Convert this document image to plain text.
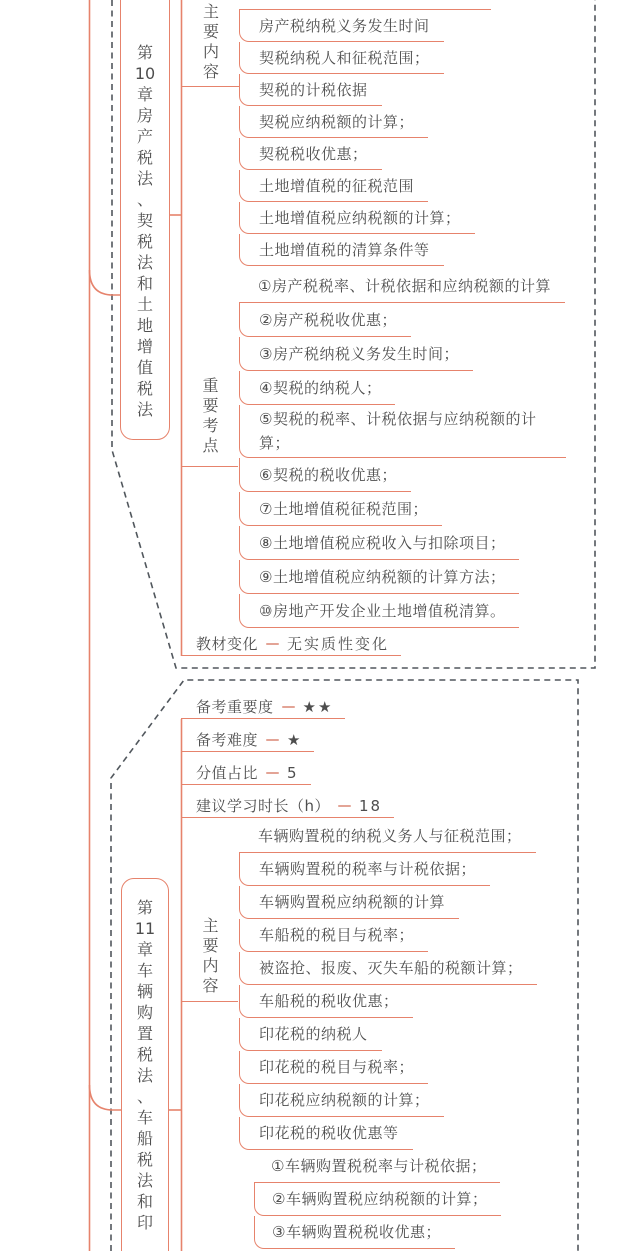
第
10
章
房
产
税
法
、
契
税
法
和
土
地
增
值
税
法
主要内容	房产税纳税义务发生时间
契税纳税人和征税范围；
契税的计税依据
契税应纳税额的计算；
契税税收优惠；
土地增值税的征税范围
土地增值税应纳税额的计算；
土地增值税的清算条件等
重要考点
①房产税税率、计税依据和应纳税额的计算
②房产税税收优惠；
③房产税纳税义务发生时间；
④契税的纳税人；
⑤契税的税率、计税依据与应纳税额的计算；
⑥契税的税收优惠；
⑦土地增值税征税范围；
⑧土地增值税应税收入与扣除项目；
⑨土地增值税应纳税额的计算方法；
⑩房地产开发企业土地增值税清算。
教材变化 无实质性变化
备考重要度 ★★
备考难度 ★
分值占比 5
建议学习时长（h） 18
第
11
章
车
辆
购
置
税
法
、
车
船
税
法
和
印
主要内容
车辆购置税的纳税义务人与征税范围；
车辆购置税的税率与计税依据；
车辆购置税应纳税额的计算
车船税的税目与税率；
被盗抢、报废、灭失车船的税额计算；
车船税的税收优惠；
印花税的纳税人
印花税的税目与税率；
印花税应纳税额的计算；
印花税的税收优惠等
①车辆购置税税率与计税依据；
②车辆购置税应纳税额的计算；
③车辆购置税税收优惠；
